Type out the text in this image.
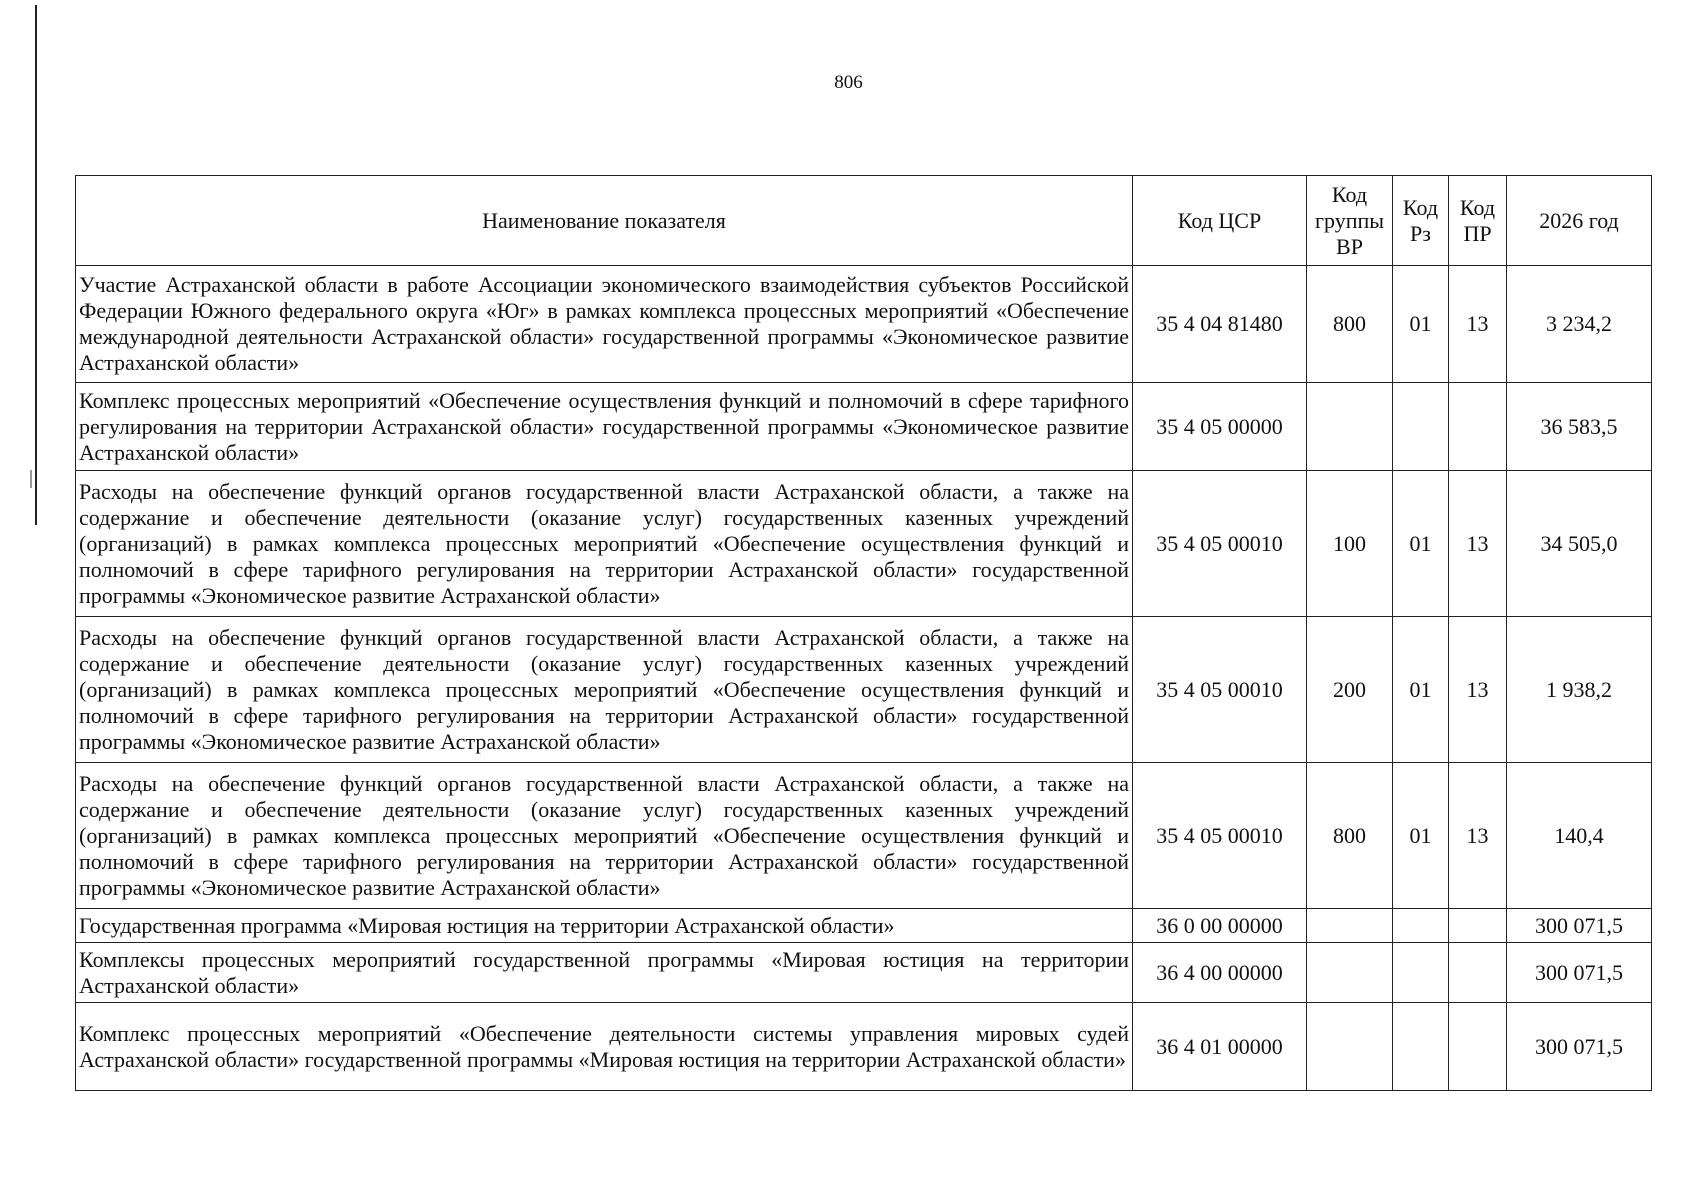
806
Наименование показателя	Код ЦСР	Код группы ВР	Код Рз	Код ПР	2026 год
Участие Астраханской области в работе Ассоциации экономического взаимодействия субъектов Российской Федерации Южного федерального округа «Юг» в рамках комплекса процессных мероприятий «Обеспечение международной деятельности Астраханской области» государственной программы «Экономическое развитие Астраханской области»	35 4 04 81480	800	01	13	3 234,2
Комплекс процессных мероприятий «Обеспечение осуществления функций и полномочий в сфере тарифного регулирования на территории Астраханской области» государственной программы «Экономическое развитие Астраханской области»	35 4 05 00000				36 583,5
Расходы на обеспечение функций органов государственной власти Астраханской области, а также на содержание и обеспечение деятельности (оказание услуг) государственных казенных учреждений (организаций) в рамках комплекса процессных мероприятий «Обеспечение осуществления функций и полномочий в сфере тарифного регулирования на территории Астраханской области» государственной программы «Экономическое развитие Астраханской области»	35 4 05 00010	100	01	13	34 505,0
Расходы на обеспечение функций органов государственной власти Астраханской области, а также на содержание и обеспечение деятельности (оказание услуг) государственных казенных учреждений (организаций) в рамках комплекса процессных мероприятий «Обеспечение осуществления функций и полномочий в сфере тарифного регулирования на территории Астраханской области» государственной программы «Экономическое развитие Астраханской области»	35 4 05 00010	200	01	13	1 938,2
Расходы на обеспечение функций органов государственной власти Астраханской области, а также на содержание и обеспечение деятельности (оказание услуг) государственных казенных учреждений (организаций) в рамках комплекса процессных мероприятий «Обеспечение осуществления функций и полномочий в сфере тарифного регулирования на территории Астраханской области» государственной программы «Экономическое развитие Астраханской области»	35 4 05 00010	800	01	13	140,4
Государственная программа «Мировая юстиция на территории Астраханской области»	36 0 00 00000				300 071,5
Комплексы процессных мероприятий государственной программы «Мировая юстиция на территории Астраханской области»	36 4 00 00000				300 071,5
Комплекс процессных мероприятий «Обеспечение деятельности системы управления мировых судей Астраханской области» государственной программы «Мировая юстиция на территории Астраханской области»	36 4 01 00000				300 071,5
